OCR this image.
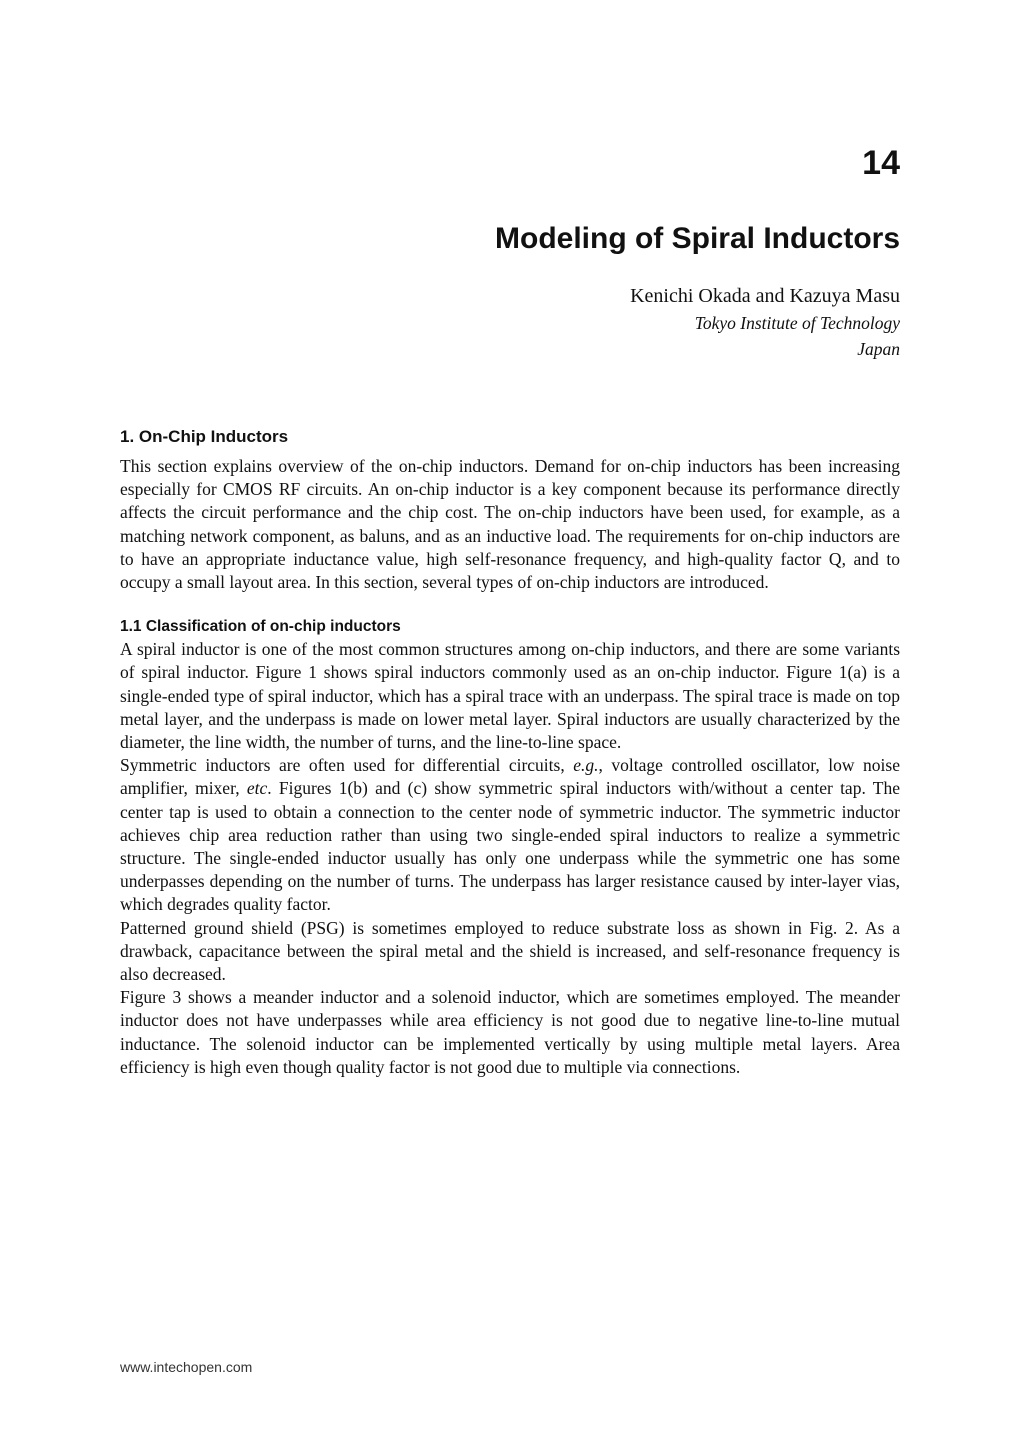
14
Modeling of Spiral Inductors
Kenichi Okada and Kazuya Masu
Tokyo Institute of Technology
Japan
1. On-Chip Inductors

This section explains overview of the on-chip inductors. Demand for on-chip inductors has been increasing especially for CMOS RF circuits. An on-chip inductor is a key component because its performance directly affects the circuit performance and the chip cost. The on-chip inductors have been used, for example, as a matching network component, as baluns, and as an inductive load. The requirements for on-chip inductors are to have an appropriate inductance value, high self-resonance frequency, and high-quality factor Q, and to occupy a small layout area. In this section, several types of on-chip inductors are introduced.

1.1 Classification of on-chip inductors

A spiral inductor is one of the most common structures among on-chip inductors, and there are some variants of spiral inductor. Figure 1 shows spiral inductors commonly used as an on-chip inductor. Figure 1(a) is a single-ended type of spiral inductor, which has a spiral trace with an underpass. The spiral trace is made on top metal layer, and the underpass is made on lower metal layer. Spiral inductors are usually characterized by the diameter, the line width, the number of turns, and the line-to-line space.

Symmetric inductors are often used for differential circuits, e.g., voltage controlled oscillator, low noise amplifier, mixer, etc. Figures 1(b) and (c) show symmetric spiral inductors with/without a center tap. The center tap is used to obtain a connection to the center node of symmetric inductor. The symmetric inductor achieves chip area reduction rather than using two single-ended spiral inductors to realize a symmetric structure. The single-ended inductor usually has only one underpass while the symmetric one has some underpasses depending on the number of turns. The underpass has larger resistance caused by inter-layer vias, which degrades quality factor.

Patterned ground shield (PSG) is sometimes employed to reduce substrate loss as shown in Fig. 2. As a drawback, capacitance between the spiral metal and the shield is increased, and self-resonance frequency is also decreased.

Figure 3 shows a meander inductor and a solenoid inductor, which are sometimes employed. The meander inductor does not have underpasses while area efficiency is not good due to negative line-to-line mutual inductance. The solenoid inductor can be implemented vertically by using multiple metal layers. Area efficiency is high even though quality factor is not good due to multiple via connections.

www.intechopen.com
